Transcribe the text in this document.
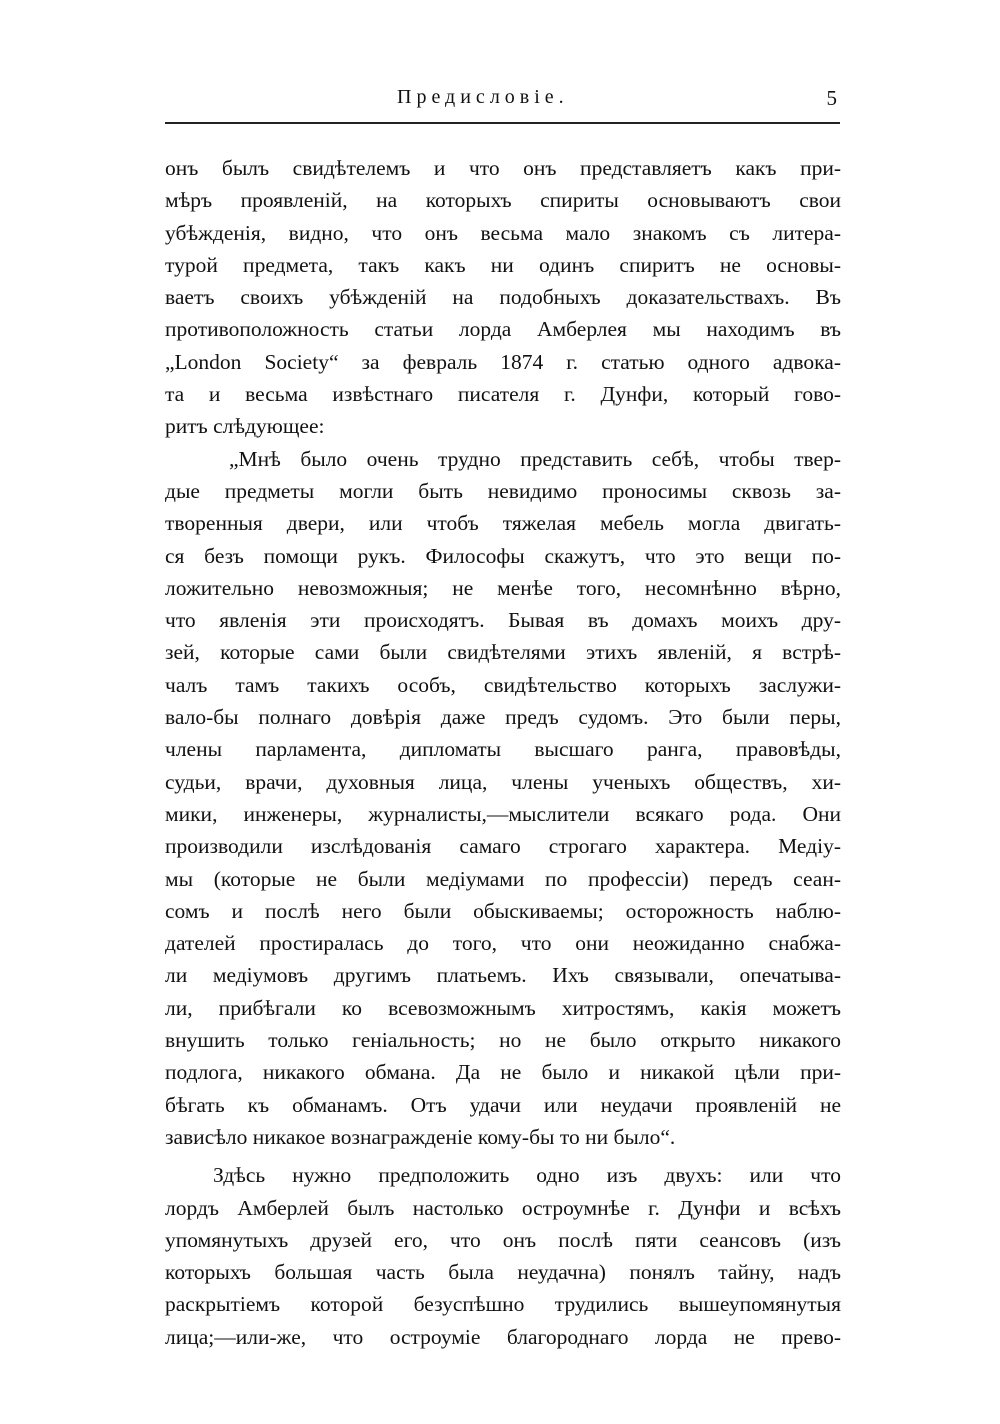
Предисловіе.	5
онъ былъ свидѣтелемъ и что онъ представляетъ какъ при-
мѣръ проявленій, на которыхъ спириты основываютъ свои
убѣжденія, видно, что онъ весьма мало знакомъ съ литера-
турой предмета, такъ какъ ни одинъ спиритъ не основы-
ваетъ своихъ убѣжденій на подобныхъ доказательствахъ. Въ
противоположность статьи лорда Амберлея мы находимъ въ
„London Society“ за февраль 1874 г. статью одного адвока-
та и весьма извѣстнаго писателя г. Дунфи, который гово-
ритъ слѣдующее:
„Мнѣ было очень трудно представить себѣ, чтобы твер-
дые предметы могли быть невидимо проносимы сквозь за-
творенныя двери, или чтобъ тяжелая мебель могла двигать-
ся безъ помощи рукъ. Философы скажутъ, что это вещи по-
ложительно невозможныя; не менѣе того, несомнѣнно вѣрно,
что явленія эти происходятъ. Бывая въ домахъ моихъ дру-
зей, которые сами были свидѣтелями этихъ явленій, я встрѣ-
чалъ тамъ такихъ особъ, свидѣтельство которыхъ заслужи-
вало-бы полнаго довѣрія даже предъ судомъ. Это были перы,
члены парламента, дипломаты высшаго ранга, правовѣды,
судьи, врачи, духовныя лица, члены ученыхъ обществъ, хи-
мики, инженеры, журналисты,—мыслители всякаго рода. Они
производили изслѣдованія самаго строгаго характера. Медіу-
мы (которые не были медіумами по профессіи) передъ сеан-
сомъ и послѣ него были обыскиваемы; осторожность наблю-
дателей простиралась до того, что они неожиданно снабжа-
ли медіумовъ другимъ платьемъ. Ихъ связывали, опечатыва-
ли, прибѣгали ко всевозможнымъ хитростямъ, какія можетъ
внушить только геніальность; но не было открыто никакого
подлога, никакого обмана. Да не было и никакой цѣли при-
бѣгать къ обманамъ. Отъ удачи или неудачи проявленій не
зависѣло никакое вознагражденіе кому-бы то ни было“.
Здѣсь нужно предположить одно изъ двухъ: или что
лордъ Амберлей былъ настолько остроумнѣе г. Дунфи и всѣхъ
упомянутыхъ друзей его, что онъ послѣ пяти сеансовъ (изъ
которыхъ большая часть была неудачна) понялъ тайну, надъ
раскрытіемъ которой безуспѣшно трудились вышеупомянутыя
лица;—или-же, что остроуміе благороднаго лорда не прево-
